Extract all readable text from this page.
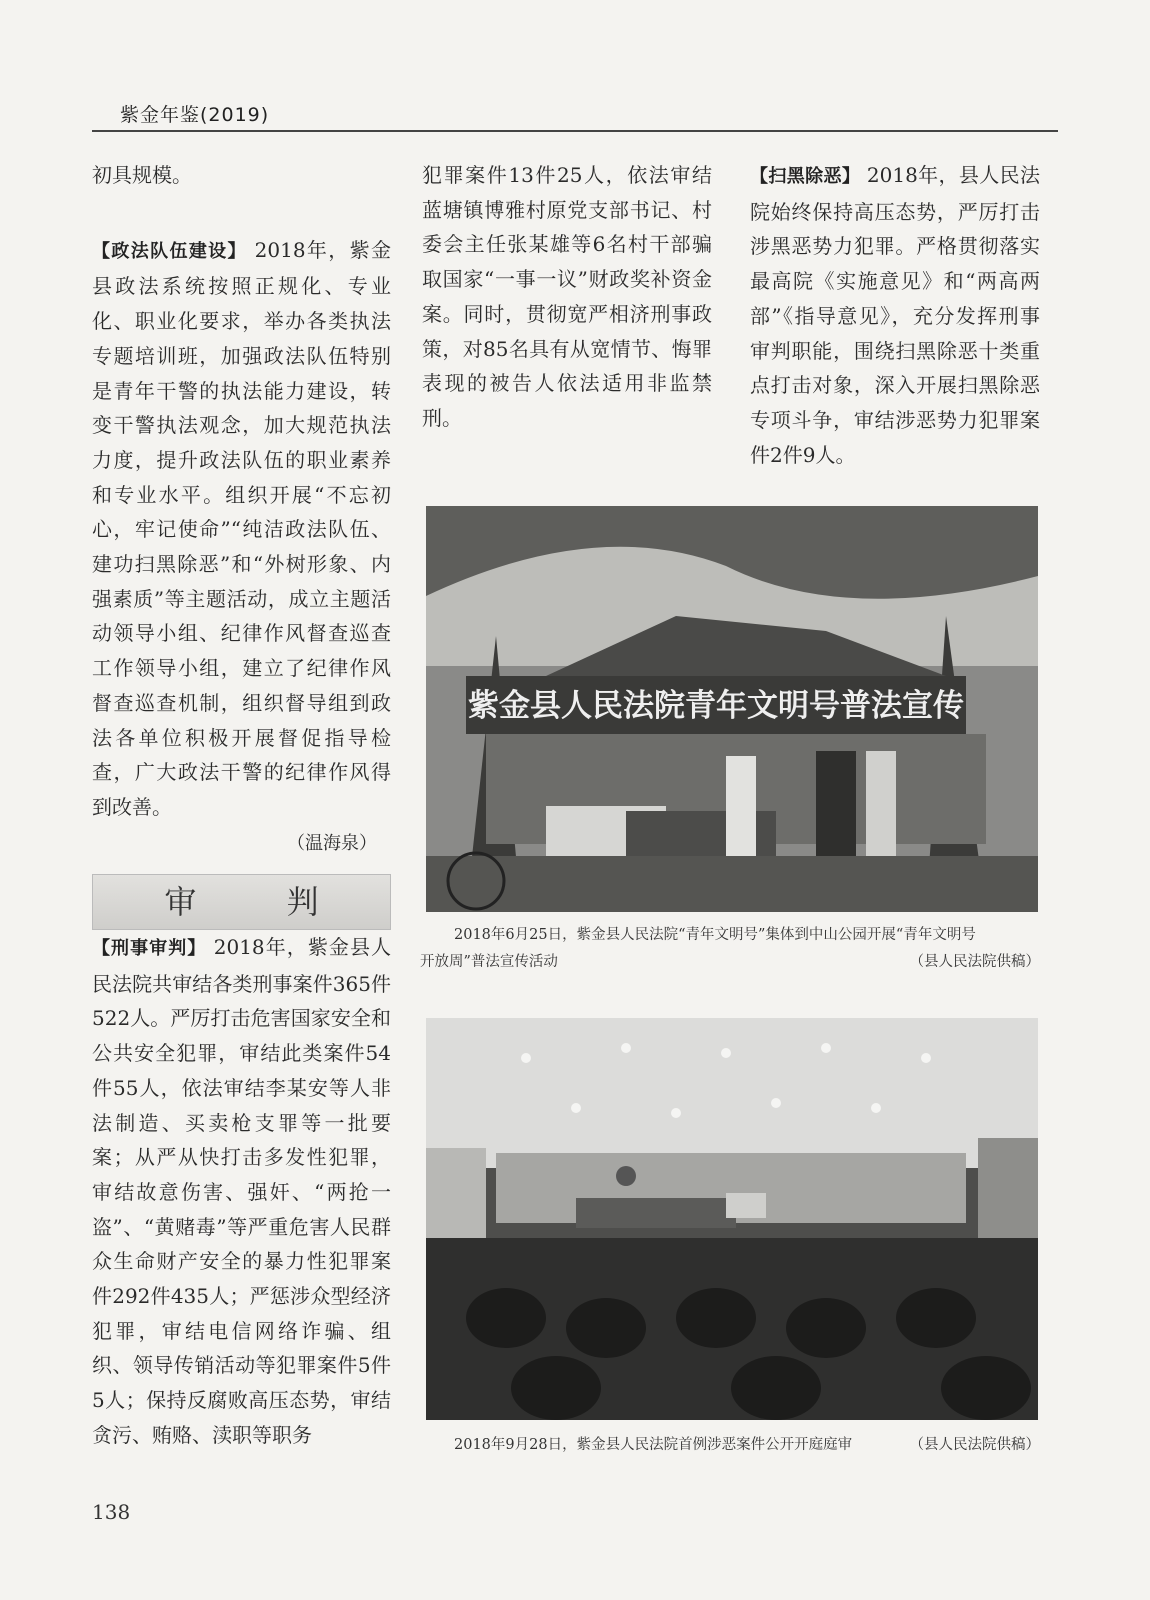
紫金年鉴(2019)

初具规模。

【政法队伍建设】 2018年，紫金县政法系统按照正规化、专业化、职业化要求，举办各类执法专题培训班，加强政法队伍特别是青年干警的执法能力建设，转变干警执法观念，加大规范执法力度，提升政法队伍的职业素养和专业水平。组织开展“不忘初心，牢记使命”“纯洁政法队伍、建功扫黑除恶”和“外树形象、内强素质”等主题活动，成立主题活动领导小组、纪律作风督查巡查工作领导小组，建立了纪律作风督查巡查机制，组织督导组到政法各单位积极开展督促指导检查，广大政法干警的纪律作风得到改善。

（温海泉）
审 判

【刑事审判】 2018年，紫金县人民法院共审结各类刑事案件365件522人。严厉打击危害国家安全和公共安全犯罪，审结此类案件54件55人，依法审结李某安等人非法制造、买卖枪支罪等一批要案；从严从快打击多发性犯罪，审结故意伤害、强奸、“两抢一盗”、“黄赌毒”等严重危害人民群众生命财产安全的暴力性犯罪案件292件435人；严惩涉众型经济犯罪，审结电信网络诈骗、组织、领导传销活动等犯罪案件5件5人；保持反腐败高压态势，审结贪污、贿赂、渎职等职务

犯罪案件13件25人，依法审结蓝塘镇博雅村原党支部书记、村委会主任张某雄等6名村干部骗取国家“一事一议”财政奖补资金案。同时，贯彻宽严相济刑事政策，对85名具有从宽情节、悔罪表现的被告人依法适用非监禁刑。

【扫黑除恶】 2018年，县人民法院始终保持高压态势，严厉打击涉黑恶势力犯罪。严格贯彻落实最高院《实施意见》和“两高两部”《指导意见》，充分发挥刑事审判职能，围绕扫黑除恶十类重点打击对象，深入开展扫黑除恶专项斗争，审结涉恶势力犯罪案件2件9人。

紫金县人民法院青年文明号普法宣传
2018年6月25日，紫金县人民法院“青年文明号”集体到中山公园开展“青年文明号
开放周”普法宣传活动	（县人民法院供稿）
2018年9月28日，紫金县人民法院首例涉恶案件公开开庭庭审	（县人民法院供稿）
138
